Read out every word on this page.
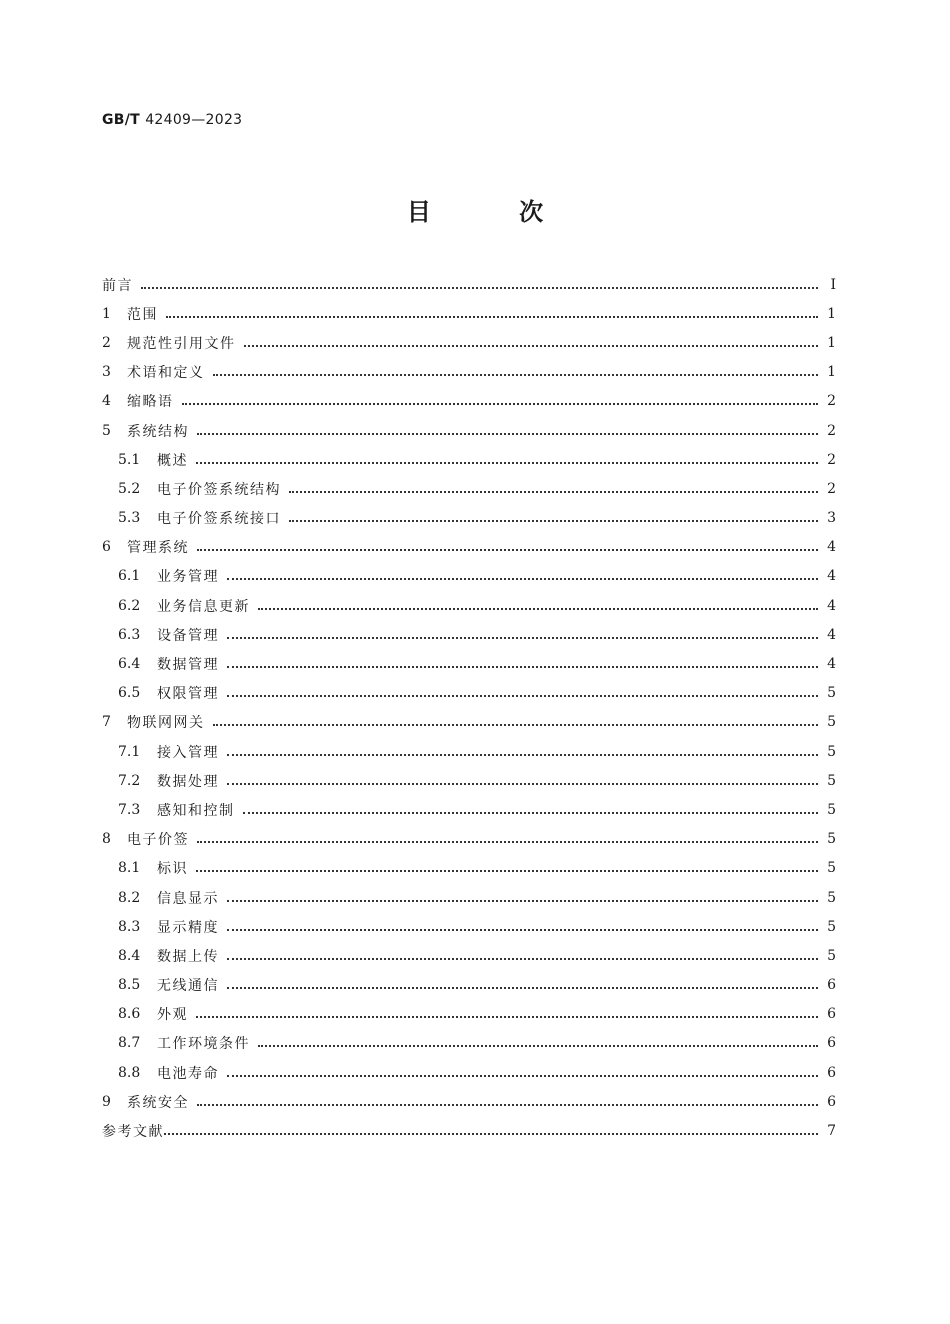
GB/T 42409—2023
目 次
前言	Ⅰ
1	范围	1
2	规范性引用文件	1
3	术语和定义	1
4	缩略语	2
5	系统结构	2
5.1	概述	2
5.2	电子价签系统结构	2
5.3	电子价签系统接口	3
6	管理系统	4
6.1	业务管理	4
6.2	业务信息更新	4
6.3	设备管理	4
6.4	数据管理	4
6.5	权限管理	5
7	物联网网关	5
7.1	接入管理	5
7.2	数据处理	5
7.3	感知和控制	5
8	电子价签	5
8.1	标识	5
8.2	信息显示	5
8.3	显示精度	5
8.4	数据上传	5
8.5	无线通信	6
8.6	外观	6
8.7	工作环境条件	6
8.8	电池寿命	6
9	系统安全	6
参考文献	7
